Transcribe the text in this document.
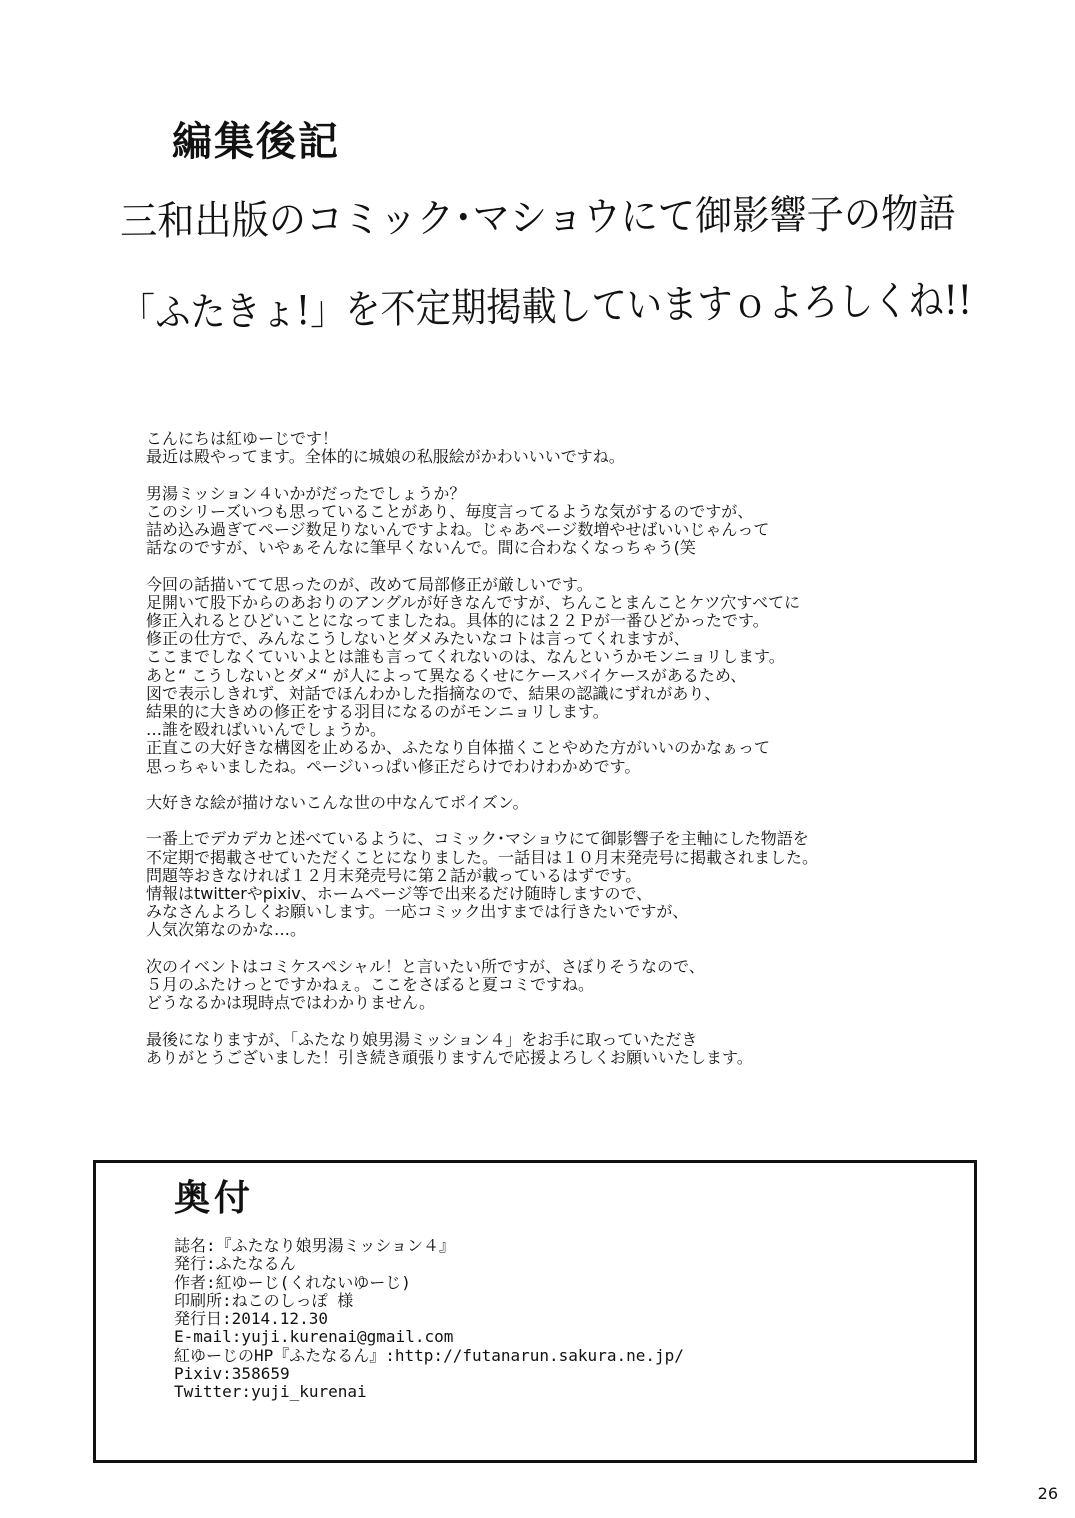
編集後記
三和出版のコミック･マショウにて御影響子の物語
「ふたきょ!」を不定期掲載していますｏよろしくね!!

こんにちは紅ゆーじです！
最近は殿やってます。全体的に城娘の私服絵がかわいいいですね。

男湯ミッション４いかがだったでしょうか？
このシリーズいつも思っていることがあり、毎度言ってるような気がするのですが、
詰め込み過ぎてページ数足りないんですよね。じゃあページ数増やせばいいじゃんって
話なのですが、いやぁそんなに筆早くないんで。間に合わなくなっちゃう(笑

今回の話描いてて思ったのが、改めて局部修正が厳しいです。
足開いて股下からのあおりのアングルが好きなんですが、ちんことまんことケツ穴すべてに
修正入れるとひどいことになってましたね。具体的には２２Ｐが一番ひどかったです。
修正の仕方で、みんなこうしないとダメみたいなコトは言ってくれますが、
ここまでしなくていいよとは誰も言ってくれないのは、なんというかモンニョリします。
あと“ こうしないとダメ“ が人によって異なるくせにケースバイケースがあるため、
図で表示しきれず、対話でほんわかした指摘なので、結果の認識にずれがあり、
結果的に大きめの修正をする羽目になるのがモンニョリします。
…誰を殴ればいいんでしょうか。
正直この大好きな構図を止めるか、ふたなり自体描くことやめた方がいいのかなぁって
思っちゃいましたね。ページいっぱい修正だらけでわけわかめです。

大好きな絵が描けないこんな世の中なんてポイズン。

一番上でデカデカと述べているように、コミック･マショウにて御影響子を主軸にした物語を
不定期で掲載させていただくことになりました。一話目は１０月末発売号に掲載されました。
問題等おきなければ１２月末発売号に第２話が載っているはずです。
情報はtwitterやpixiv、ホームページ等で出来るだけ随時しますので、
みなさんよろしくお願いします。一応コミック出すまでは行きたいですが、
人気次第なのかな…。

次のイベントはコミケスペシャル！と言いたい所ですが、さぼりそうなので、
５月のふたけっとですかねぇ。ここをさぼると夏コミですね。
どうなるかは現時点ではわかりません。

最後になりますが、「ふたなり娘男湯ミッション４」をお手に取っていただき
ありがとうございました！引き続き頑張りますんで応援よろしくお願いいたします。

奥付
誌名:『ふたなり娘男湯ミッション４』
発行:ふたなるん
作者:紅ゆーじ(くれないゆーじ)
印刷所:ねこのしっぽ 様
発行日:2014.12.30
E-mail:yuji.kurenai@gmail.com
紅ゆーじのHP『ふたなるん』:http://futanarun.sakura.ne.jp/
Pixiv:358659
Twitter:yuji_kurenai
26
